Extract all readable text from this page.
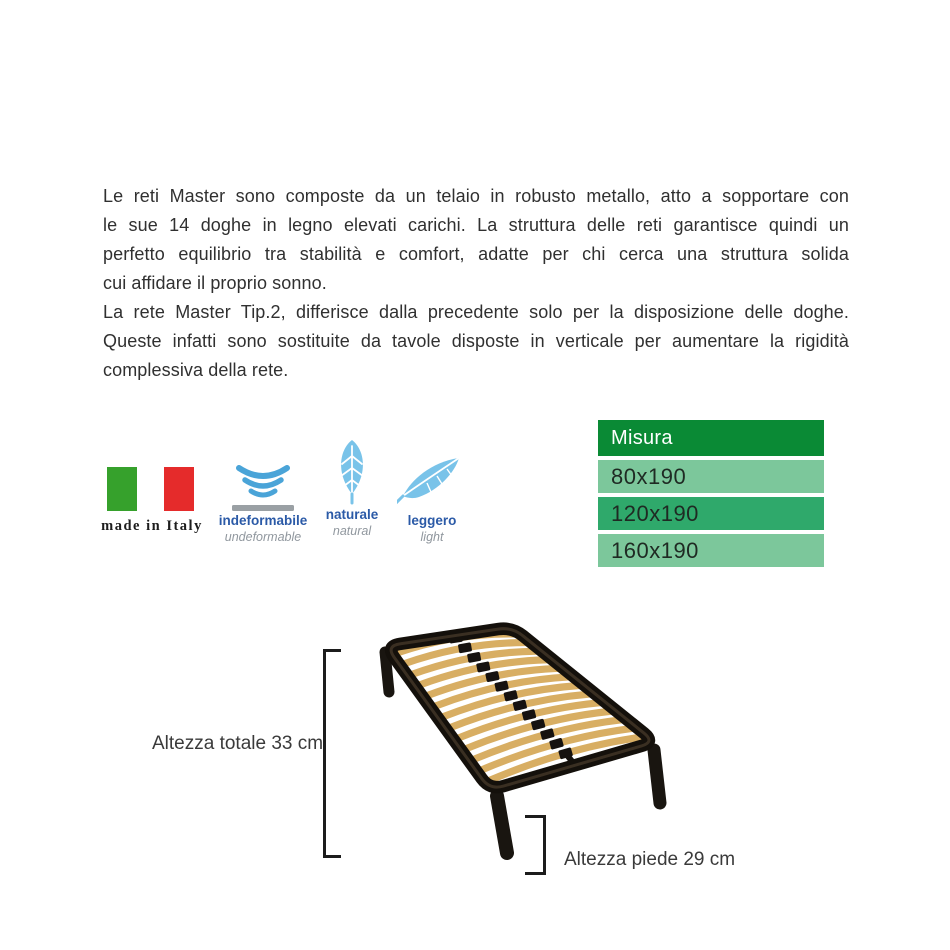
Le reti Master sono composte da un telaio in robusto metallo, atto a sopportare con
le sue 14 doghe in legno elevati carichi. La struttura delle reti garantisce quindi un
perfetto equilibrio tra stabilità e comfort, adatte per chi cerca una struttura solida
cui affidare il proprio sonno.
La rete Master Tip.2, differisce dalla precedente solo per la disposizione delle doghe.
Queste infatti sono sostituite da tavole disposte in verticale per aumentare la rigidità
complessiva della rete.
made in Italy	indeformabile
undeformable
naturale
natural
leggero
light
Misura
80x190
120x190
160x190
Altezza totale 33 cm
Altezza piede 29 cm
